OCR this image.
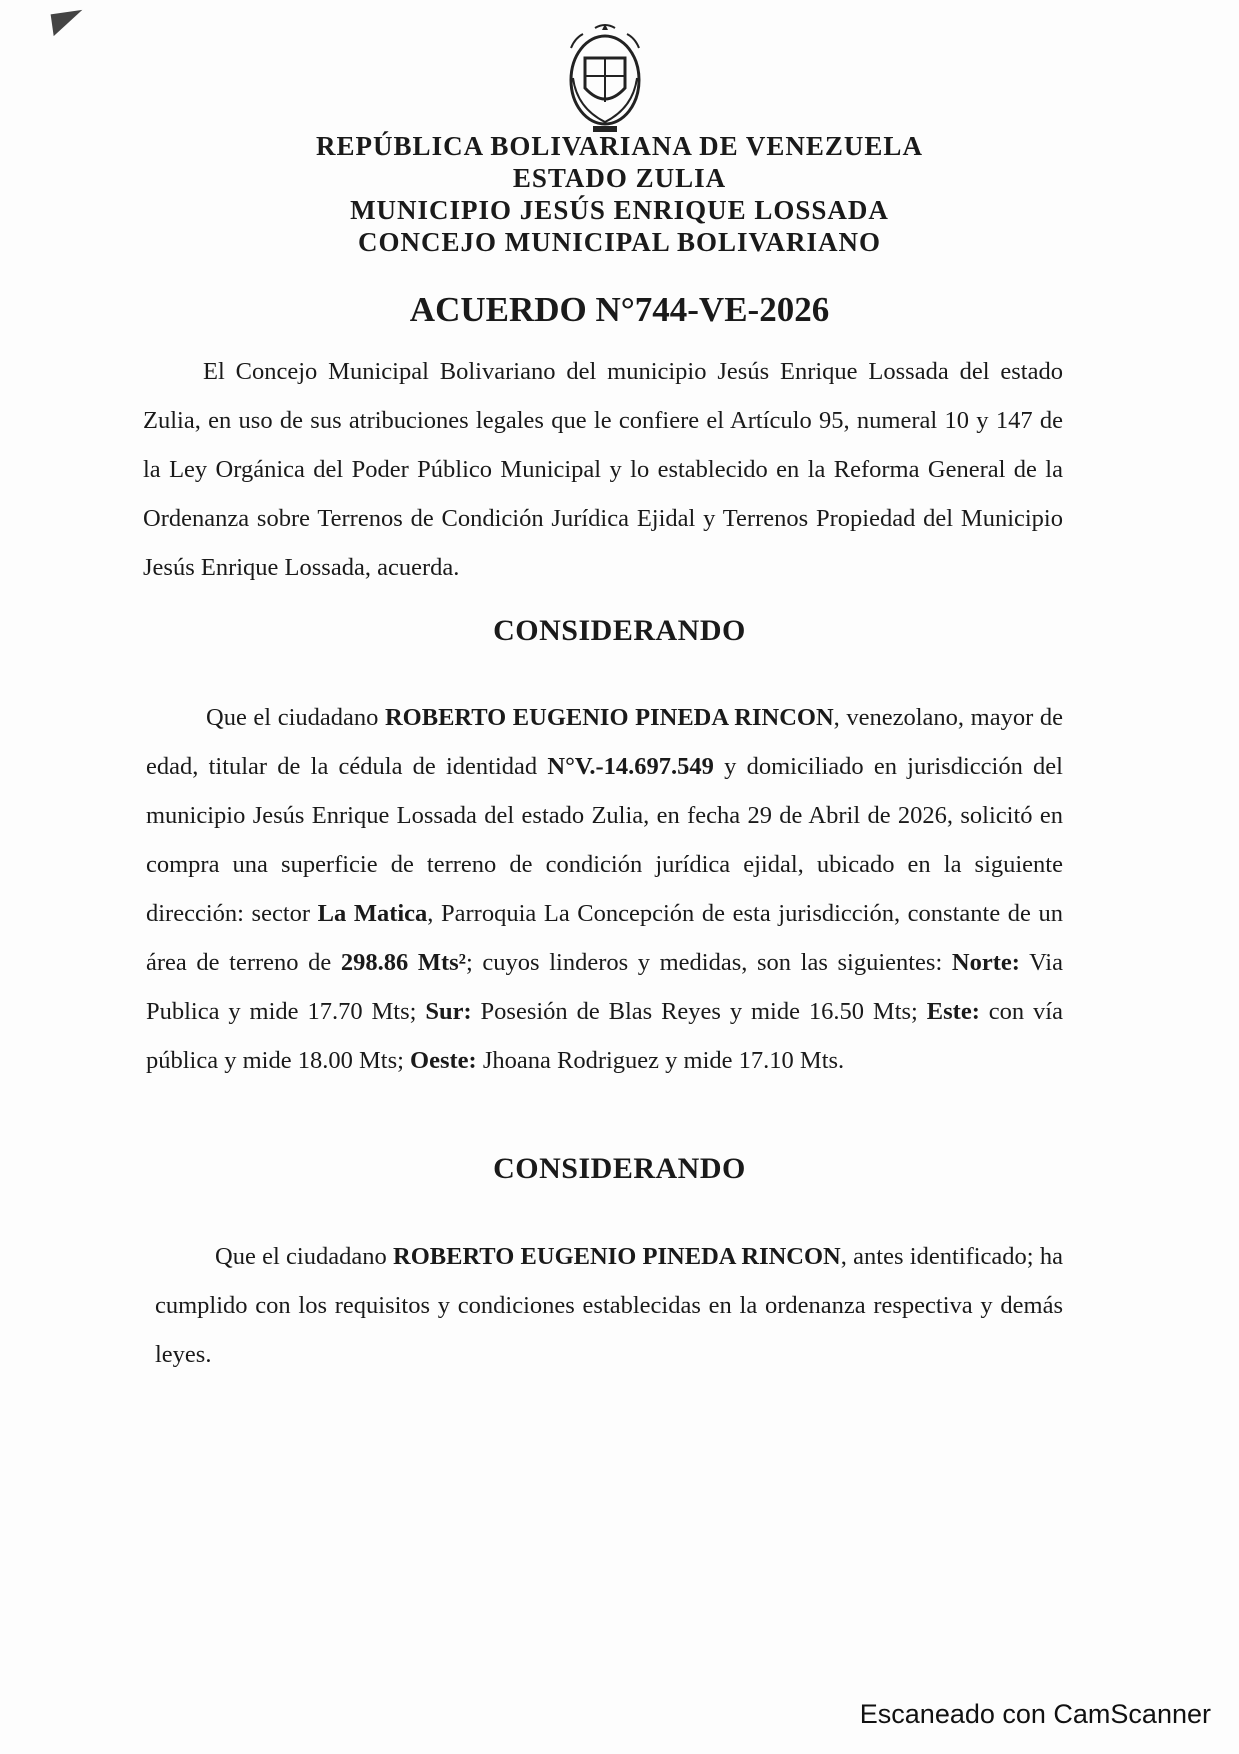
REPÚBLICA BOLIVARIANA DE VENEZUELA
ESTADO ZULIA
MUNICIPIO JESÚS ENRIQUE LOSSADA
CONCEJO MUNICIPAL BOLIVARIANO
ACUERDO N°744-VE-2026
El Concejo Municipal Bolivariano del municipio Jesús Enrique Lossada del estado Zulia, en uso de sus atribuciones legales que le confiere el Artículo 95, numeral 10 y 147 de la Ley Orgánica del Poder Público Municipal y lo establecido en la Reforma General de la Ordenanza sobre Terrenos de Condición Jurídica Ejidal y Terrenos Propiedad del Municipio Jesús Enrique Lossada, acuerda.
CONSIDERANDO
Que el ciudadano ROBERTO EUGENIO PINEDA RINCON, venezolano, mayor de edad, titular de la cédula de identidad N°V.-14.697.549 y domiciliado en jurisdicción del municipio Jesús Enrique Lossada del estado Zulia, en fecha 29 de Abril de 2026, solicitó en compra una superficie de terreno de condición jurídica ejidal, ubicado en la siguiente dirección: sector La Matica, Parroquia La Concepción de esta jurisdicción, constante de un área de terreno de 298.86 Mts²; cuyos linderos y medidas, son las siguientes: Norte: Via Publica y mide 17.70 Mts; Sur: Posesión de Blas Reyes y mide 16.50 Mts; Este: con vía pública y mide 18.00 Mts; Oeste: Jhoana Rodriguez y mide 17.10 Mts.
CONSIDERANDO
Que el ciudadano ROBERTO EUGENIO PINEDA RINCON, antes identificado; ha cumplido con los requisitos y condiciones establecidas en la ordenanza respectiva y demás leyes.
Escaneado con CamScanner
